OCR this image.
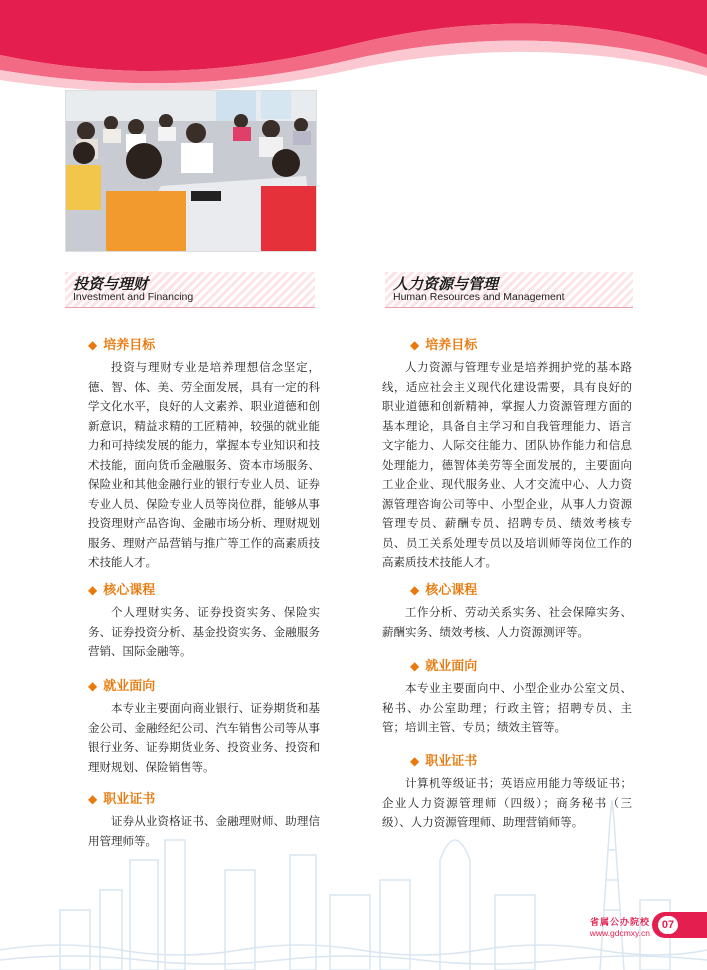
投资与理财
Investment and Financing
◆ 培养目标

投资与理财专业是培养理想信念坚定，德、智、体、美、劳全面发展，具有一定的科学文化水平，良好的人文素养、职业道德和创新意识，精益求精的工匠精神，较强的就业能力和可持续发展的能力，掌握本专业知识和技术技能，面向货币金融服务、资本市场服务、保险业和其他金融行业的银行专业人员、证券专业人员、保险专业人员等岗位群，能够从事投资理财产品咨询、金融市场分析、理财规划服务、理财产品营销与推广等工作的高素质技术技能人才。

◆ 核心课程

个人理财实务、证券投资实务、保险实务、证券投资分析、基金投资实务、金融服务营销、国际金融等。

◆ 就业面向

本专业主要面向商业银行、证券期货和基金公司、金融经纪公司、汽车销售公司等从事银行业务、证券期货业务、投资业务、投资和理财规划、保险销售等。

◆ 职业证书

证券从业资格证书、金融理财师、助理信用管理师等。

人力资源与管理
Human Resources and Management
◆ 培养目标

人力资源与管理专业是培养拥护党的基本路线，适应社会主义现代化建设需要，具有良好的职业道德和创新精神，掌握人力资源管理方面的基本理论，具备自主学习和自我管理能力、语言文字能力、人际交往能力、团队协作能力和信息处理能力，德智体美劳等全面发展的，主要面向工业企业、现代服务业、人才交流中心、人力资源管理咨询公司等中、小型企业，从事人力资源管理专员、薪酬专员、招聘专员、绩效考核专员、员工关系处理专员以及培训师等岗位工作的高素质技术技能人才。

◆ 核心课程

工作分析、劳动关系实务、社会保障实务、薪酬实务、绩效考核、人力资源测评等。

◆ 就业面向

本专业主要面向中、小型企业办公室文员、秘书、办公室助理；行政主管；招聘专员、主管；培训主管、专员；绩效主管等。

◆ 职业证书

计算机等级证书；英语应用能力等级证书；企业人力资源管理师（四级）；商务秘书（三级）、人力资源管理师、助理营销师等。

省属公办院校
www.gdcmxy.cn
07
